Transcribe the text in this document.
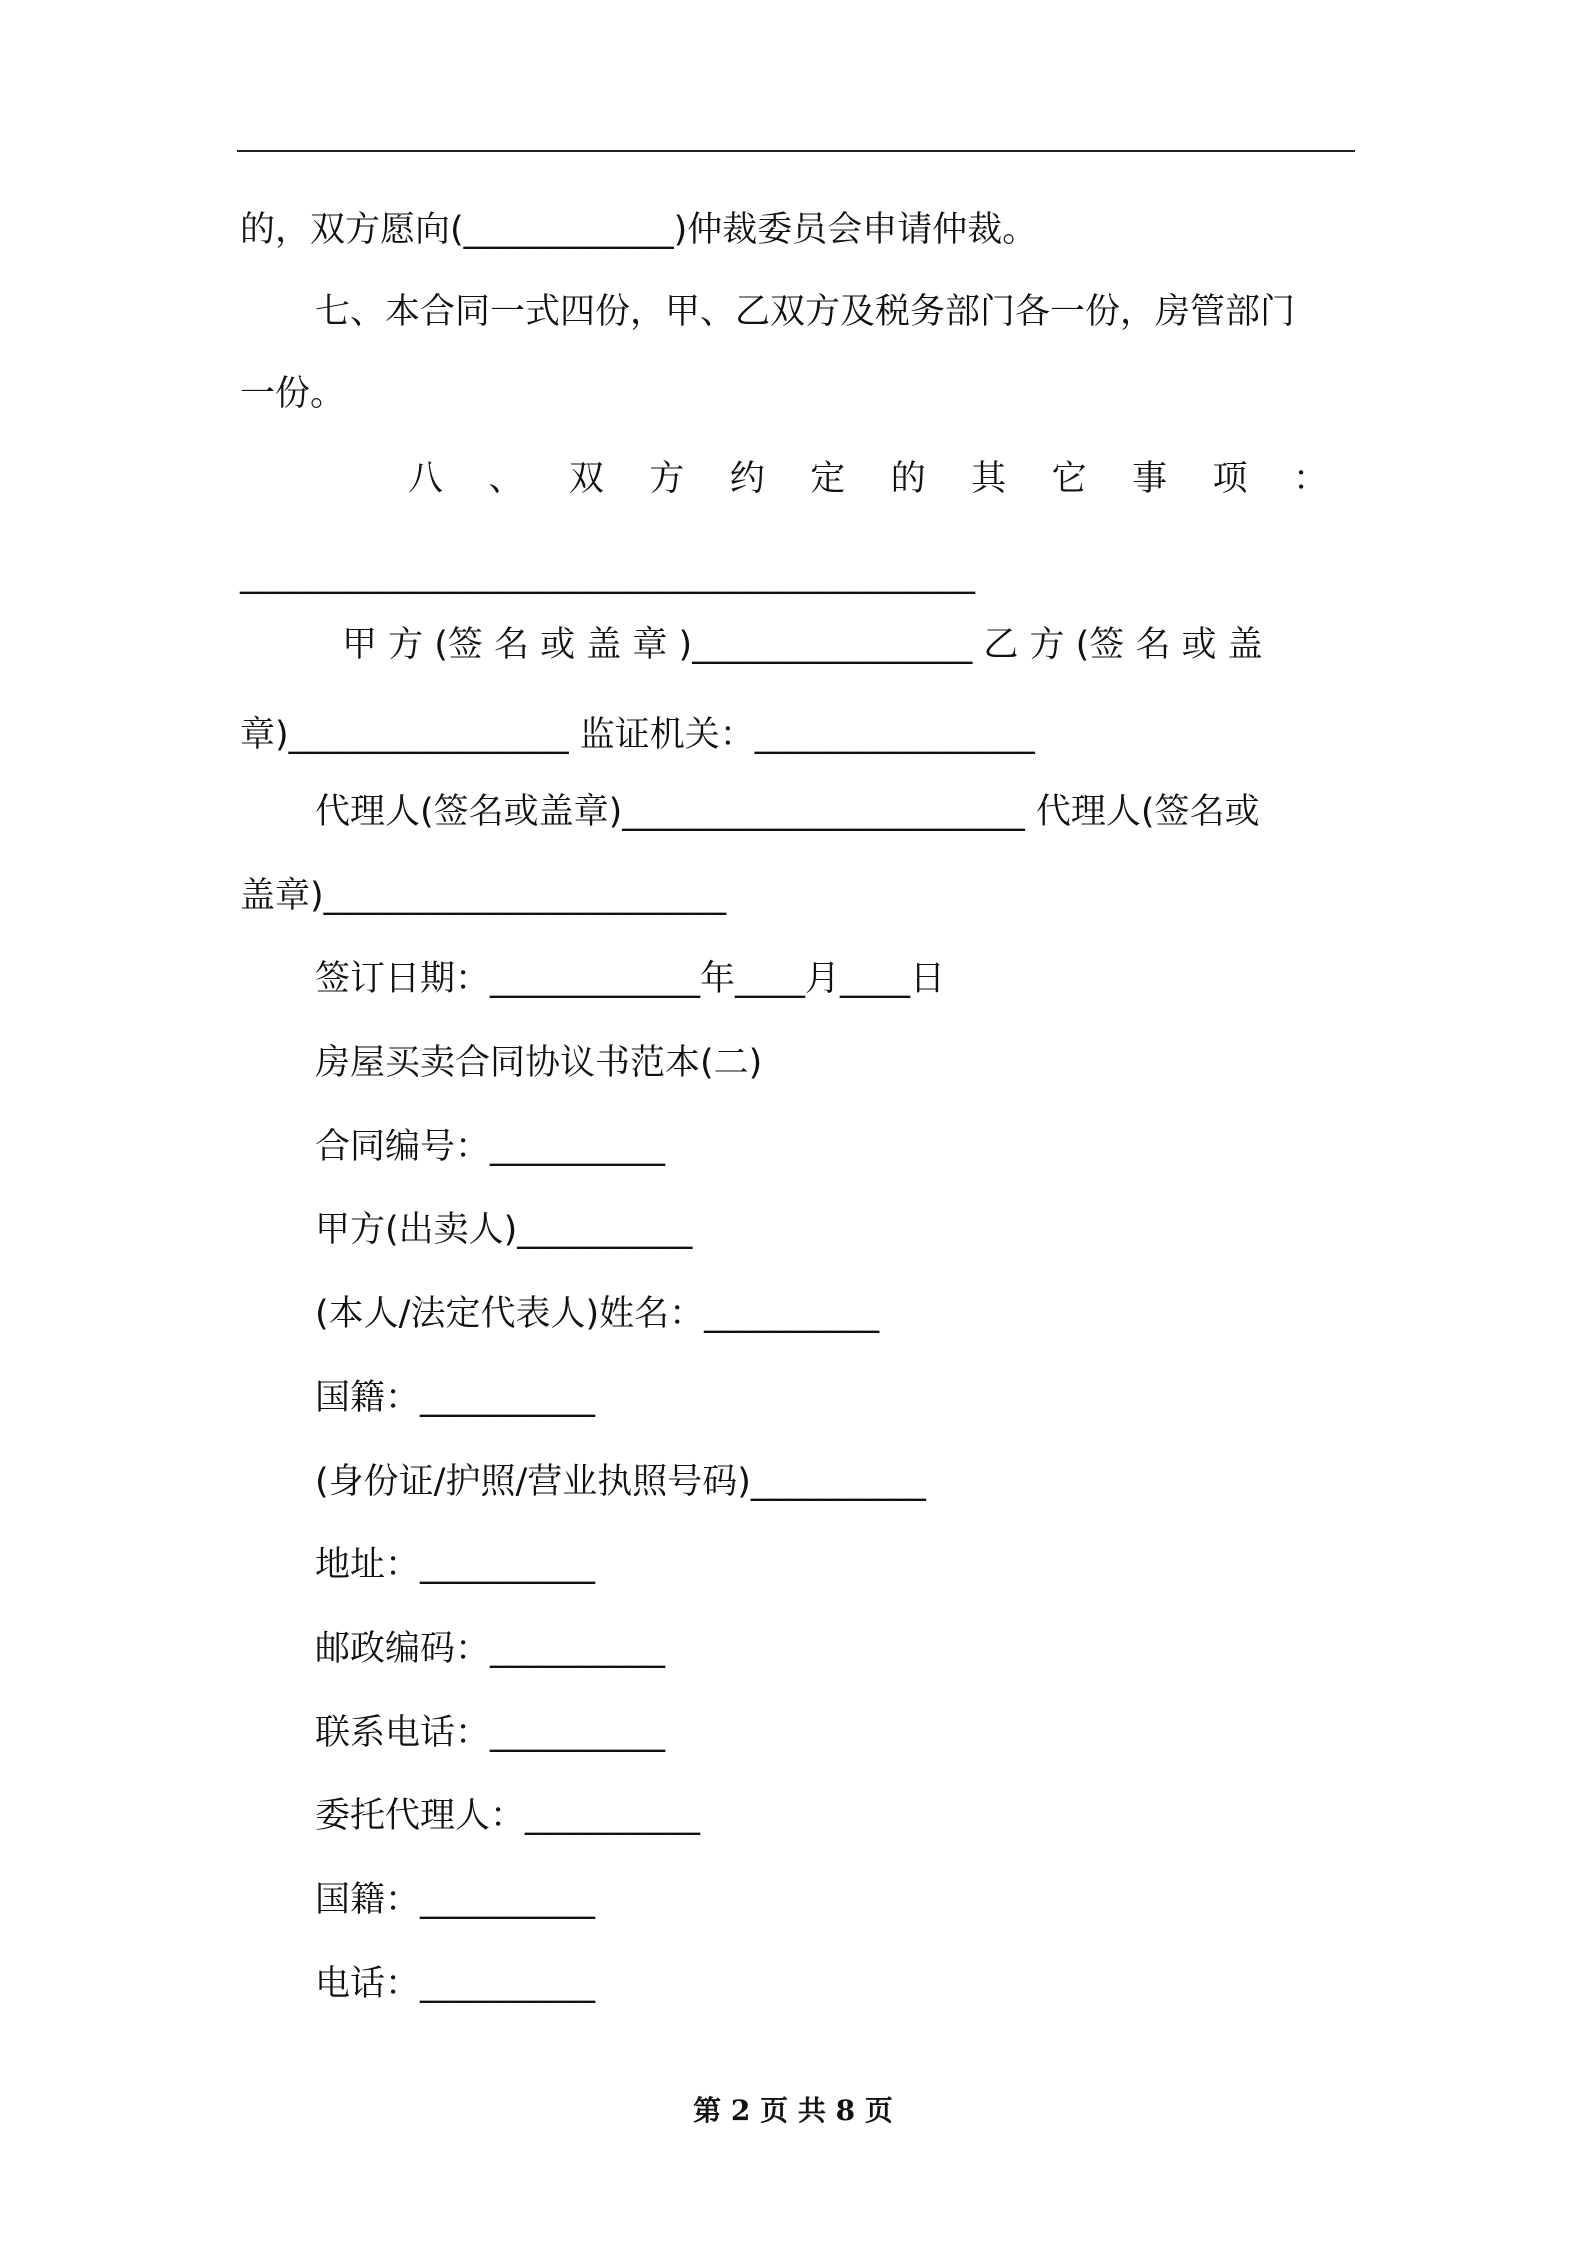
的，双方愿向(____________)仲裁委员会申请仲裁。

七、本合同一式四份，甲、乙双方及税务部门各一份，房管部门

一份。

八 、 双 方 约 定 的 其 它 事 项 ：

__________________________________________

甲 方 (签 名 或 盖 章 )________________ 乙 方 (签 名 或 盖

章)________________ 监证机关：________________

代理人(签名或盖章)_______________________ 代理人(签名或

盖章)_______________________

签订日期：____________年____月____日

房屋买卖合同协议书范本(二)

合同编号：__________

甲方(出卖人)__________

(本人/法定代表人)姓名：__________

国籍：__________

(身份证/护照/营业执照号码)__________

地址：__________

邮政编码：__________

联系电话：__________

委托代理人：__________

国籍：__________

电话：__________

第 2 页 共 8 页
